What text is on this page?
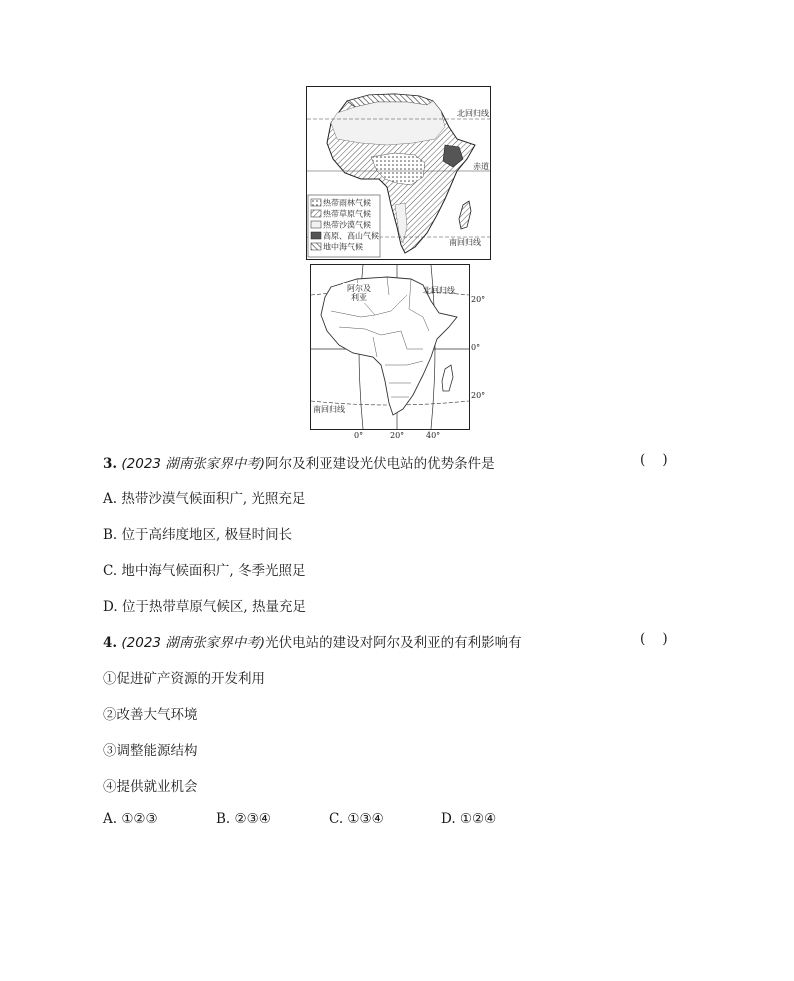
北回归线
赤道
南回归线
热带雨林气候
热带草原气候
热带沙漠气候
高原、高山气候
地中海气候
阿尔及
利亚
北回归线
南回归线
20°
0°
20°
0°	20°	40°
3. (2023 湖南张家界中考)阿尔及利亚建设光伏电站的优势条件是	(    )
A. 热带沙漠气候面积广, 光照充足
B. 位于高纬度地区, 极昼时间长
C. 地中海气候面积广, 冬季光照足
D. 位于热带草原气候区, 热量充足
4. (2023 湖南张家界中考)光伏电站的建设对阿尔及利亚的有利影响有	(    )
①促进矿产资源的开发利用
②改善大气环境
③调整能源结构
④提供就业机会
A. ①②③	B. ②③④	C. ①③④	D. ①②④
